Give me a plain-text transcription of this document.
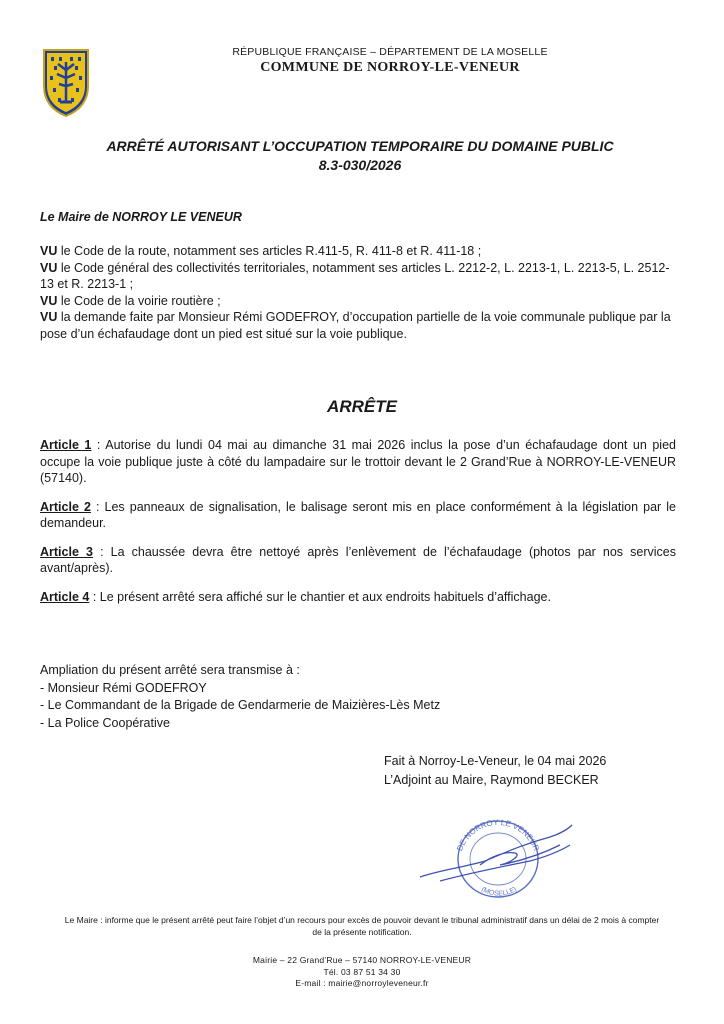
RÉPUBLIQUE FRANÇAISE – DÉPARTEMENT DE LA MOSELLE
COMMUNE DE NORROY-LE-VENEUR
ARRÊTÉ AUTORISANT L’OCCUPATION TEMPORAIRE DU DOMAINE PUBLIC
8.3-030/2026
Le Maire de NORROY LE VENEUR

VU le Code de la route, notamment ses articles R.411-5, R. 411-8 et R. 411-18 ;

VU le Code général des collectivités territoriales, notamment ses articles L. 2212-2, L. 2213-1, L. 2213-5, L. 2512-13 et R. 2213-1 ;

VU le Code de la voirie routière ;

VU la demande faite par Monsieur Rémi GODEFROY, d’occupation partielle de la voie communale publique par la pose d’un échafaudage dont un pied est situé sur la voie publique.

ARRÊTE

Article 1 : Autorise du lundi 04 mai au dimanche 31 mai 2026 inclus la pose d’un échafaudage dont un pied occupe la voie publique juste à côté du lampadaire sur le trottoir devant le 2 Grand’Rue à NORROY-LE-VENEUR (57140).

Article 2 : Les panneaux de signalisation, le balisage seront mis en place conformément à la législation par le demandeur.

Article 3 : La chaussée devra être nettoyé après l’enlèvement de l’échafaudage (photos par nos services avant/après).

Article 4 : Le présent arrêté sera affiché sur le chantier et aux endroits habituels d’affichage.

Ampliation du présent arrêté sera transmise à :
- Monsieur Rémi GODEFROY
- Le Commandant de la Brigade de Gendarmerie de Maizières-Lès Metz
- La Police Coopérative
Fait à Norroy-Le-Veneur, le 04 mai 2026
L’Adjoint au Maire, Raymond BECKER
DE NORROY LE VENEUR
(MOSELLE)
Le Maire : informe que le présent arrêté peut faire l’objet d’un recours pour excès de pouvoir devant le tribunal administratif dans un délai de 2 mois à compter
de la présente notification.
Mairie – 22 Grand’Rue – 57140 NORROY-LE-VENEUR
Tél. 03 87 51 34 30
E-mail : mairie@norroyleveneur.fr
